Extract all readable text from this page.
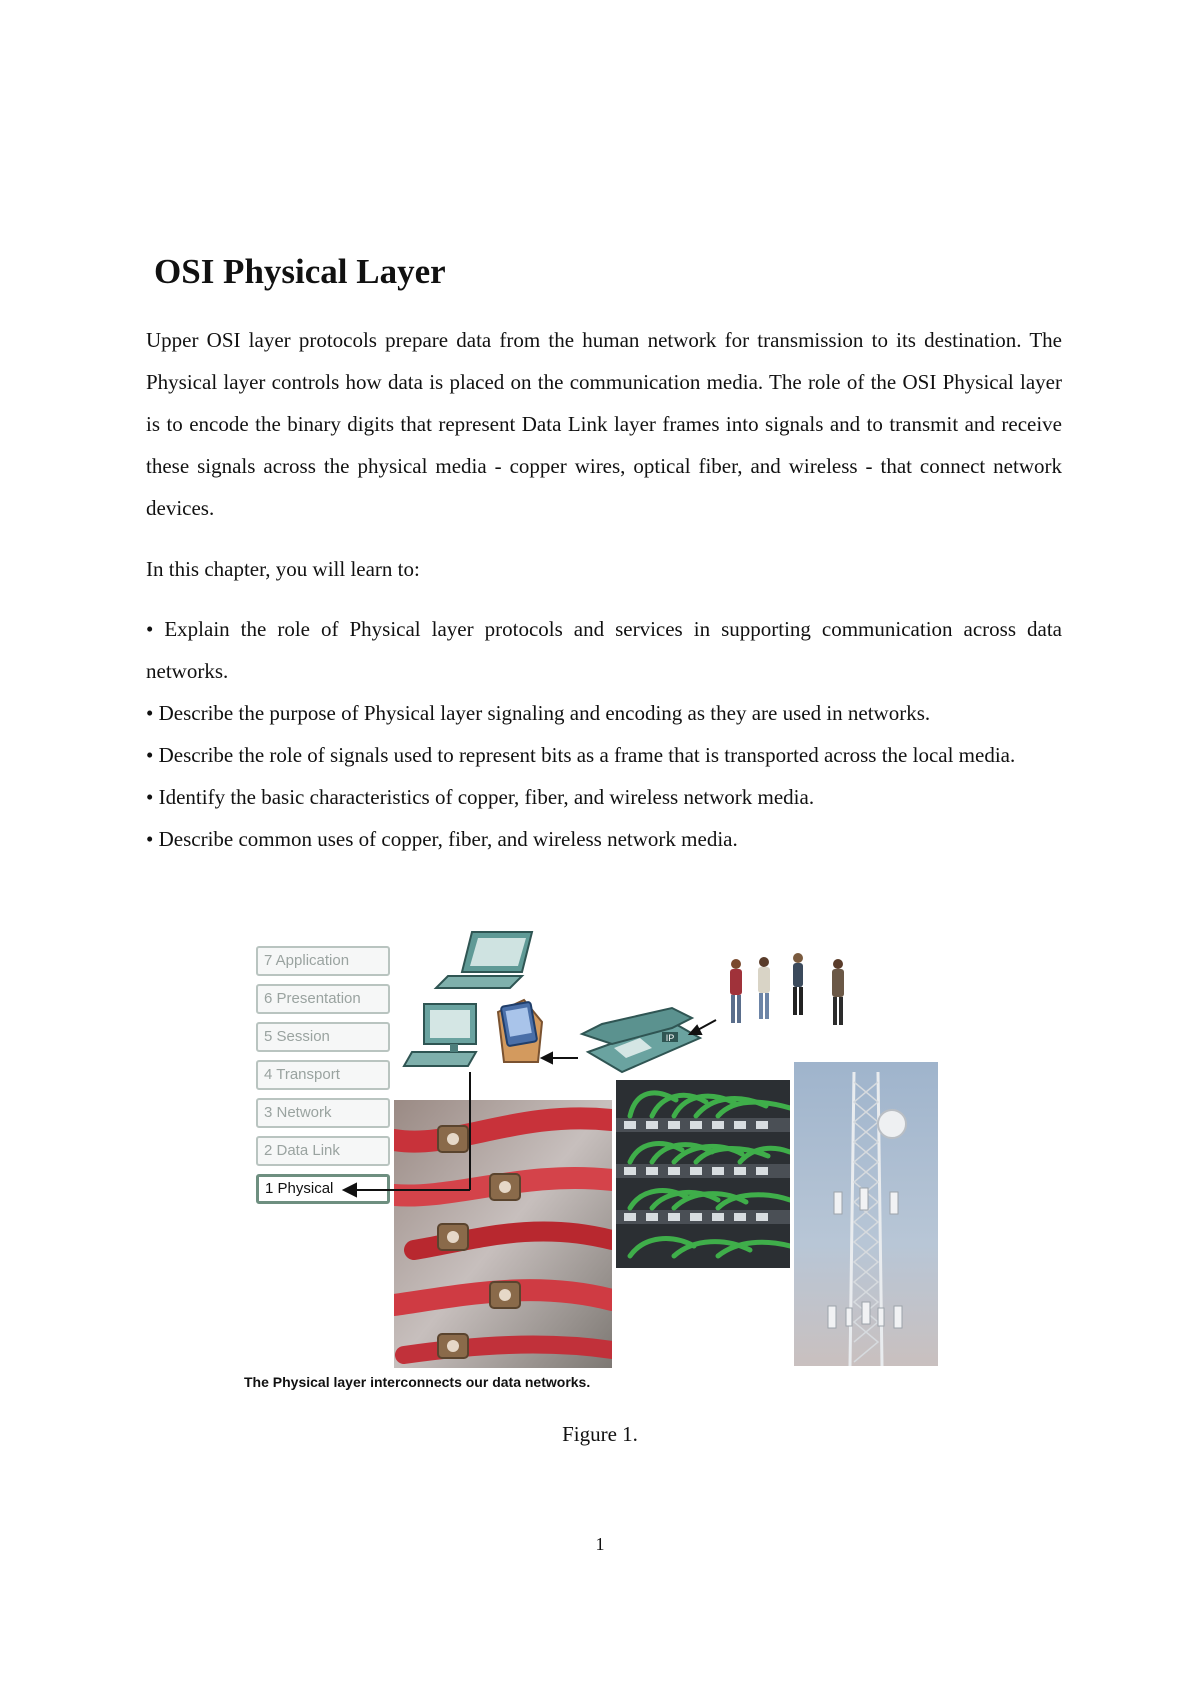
OSI Physical Layer

Upper OSI layer protocols prepare data from the human network for transmission to its destination. The Physical layer controls how data is placed on the communication media. The role of the OSI Physical layer is to encode the binary digits that represent Data Link layer frames into signals and to transmit and receive these signals across the physical media - copper wires, optical fiber, and wireless - that connect network devices.

In this chapter, you will learn to:

• Explain the role of Physical layer protocols and services in supporting communication across data networks.

• Describe the purpose of Physical layer signaling and encoding as they are used in networks.

• Describe the role of signals used to represent bits as a frame that is transported across the local media.

• Identify the basic characteristics of copper, fiber, and wireless network media.

• Describe common uses of copper, fiber, and wireless network media.

7 Application
6 Presentation
5 Session
4 Transport
3 Network
2 Data Link
1 Physical
IP
The Physical layer interconnects our data networks.
Figure 1.
1
